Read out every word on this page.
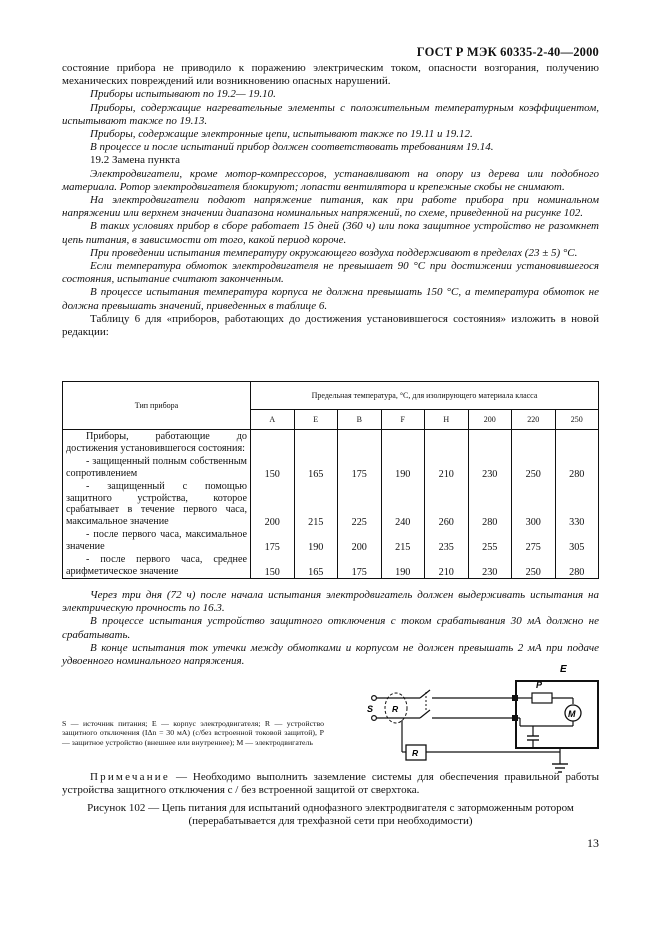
ГОСТ Р МЭК 60335-2-40—2000

состояние прибора не приводило к поражению электрическим током, опасности возгорания, получению механических повреждений или возникновению опасных нарушений.

Приборы испытывают по 19.2— 19.10.

Приборы, содержащие нагревательные элементы с положительным температурным коэффициентом, испытывают также по 19.13.

Приборы, содержащие электронные цепи, испытывают также по 19.11 и 19.12.

В процессе и после испытаний прибор должен соответствовать требованиям 19.14.

19.2 Замена пункта

Электродвигатели, кроме мотор-компрессоров, устанавливают на опору из дерева или подобного материала. Ротор электродвигателя блокируют; лопасти вентилятора и крепежные скобы не снимают.

На электродвигатели подают напряжение питания, как при работе прибора при номинальном напряжении или верхнем значении диапазона номинальных напряжений, по схеме, приведенной на рисунке 102.

В таких условиях прибор в сборе работает 15 дней (360 ч) или пока защитное устройство не разомкнет цепь питания, в зависимости от того, какой период короче.

При проведении испытания температуру окружающего воздуха поддерживают в пределах (23 ± 5) °С.

Если температура обмоток электродвигателя не превышает 90 °С при достижении установившегося состояния, испытание считают законченным.

В процессе испытания температура корпуса не должна превышать 150 °С, а температура обмоток не должна превышать значений, приведенных в таблице 6.

Таблицу 6 для «приборов, работающих до достижения установившегося состояния» изложить в новой редакции:

Тип прибора	Предельная температура, °С, для изолирующего материала класса							
	A	E	B	F	H	200	220	250
Приборы, работающие до достижения установившегося состояния:								
- защищенный полным собственным сопротивлением	150	165	175	190	210	230	250	280
- защищенный с помощью защитного устройства, которое срабатывает в течение первого часа, максимальное значение	200	215	225	240	260	280	300	330
- после первого часа, максимальное значение	175	190	200	215	235	255	275	305
- после первого часа, среднее арифметическое значение	150	165	175	190	210	230	250	280

Через три дня (72 ч) после начала испытания электродвигатель должен выдерживать испытания на электрическую прочность по 16.3.

В процессе испытания устройство защитного отключения с током срабатывания 30 мА должно не срабатывать.

В конце испытания ток утечки между обмотками и корпусом не должен превышать 2 мА при подаче удвоенного номинального напряжения.

S — источник питания; E — корпус электродвигателя; R — устройство защитного отключения (IΔn = 30 мА) (с/без встроенной токовой защитой), P — защитное устройство (внешнее или внутреннее); M — электродвигатель
E
S R
R
P
M
Примечание — Необходимо выполнить заземление системы для обеспечения правильной работы устройства защитного отключения с / без встроенной защитой от сверхтока.
Рисунок 102 — Цепь питания для испытаний однофазного электродвигателя с заторможенным ротором
(перерабатывается для трехфазной сети при необходимости)
13
